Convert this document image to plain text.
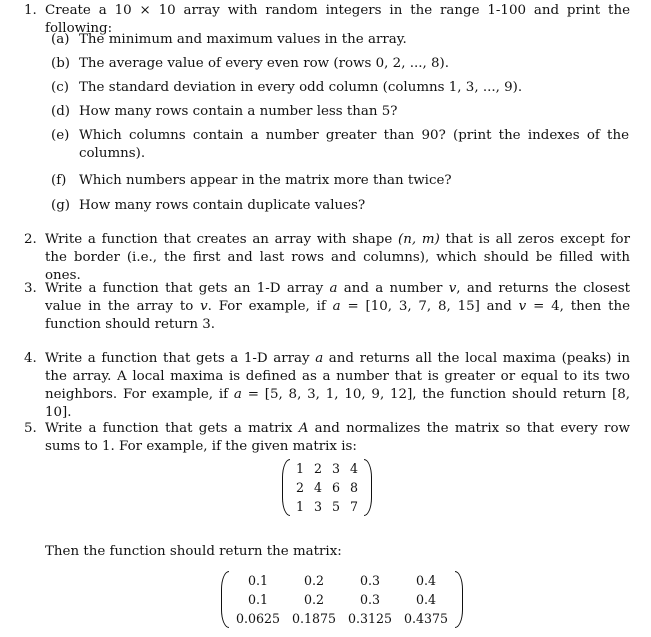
1. Create a 10 × 10 array with random integers in the range 1-100 and print the following:
(a) The minimum and maximum values in the array.
(b) The average value of every even row (rows 0, 2, ..., 8).
(c) The standard deviation in every odd column (columns 1, 3, ..., 9).
(d) How many rows contain a number less than 5?
(e) Which columns contain a number greater than 90? (print the indexes of the columns).
(f) Which numbers appear in the matrix more than twice?
(g) How many rows contain duplicate values?
2. Write a function that creates an array with shape (n, m) that is all zeros except for the border (i.e., the first and last rows and columns), which should be filled with ones.
3. Write a function that gets an 1-D array a and a number v, and returns the closest value in the array to v. For example, if a = [10, 3, 7, 8, 15] and v = 4, then the function should return 3.
4. Write a function that gets a 1-D array a and returns all the local maxima (peaks) in the array. A local maxima is defined as a number that is greater or equal to its two neighbors. For example, if a = [5, 8, 3, 1, 10, 9, 12], the function should return [8, 10].
5. Write a function that gets a matrix A and normalizes the matrix so that every row sums to 1. For example, if the given matrix is:
1 2 3 4
2 4 6 8
1 3 5 7
Then the function should return the matrix:
0.1	0.2	0.3	0.4
0.1	0.2	0.3	0.4
0.0625 0.1875 0.3125 0.4375
